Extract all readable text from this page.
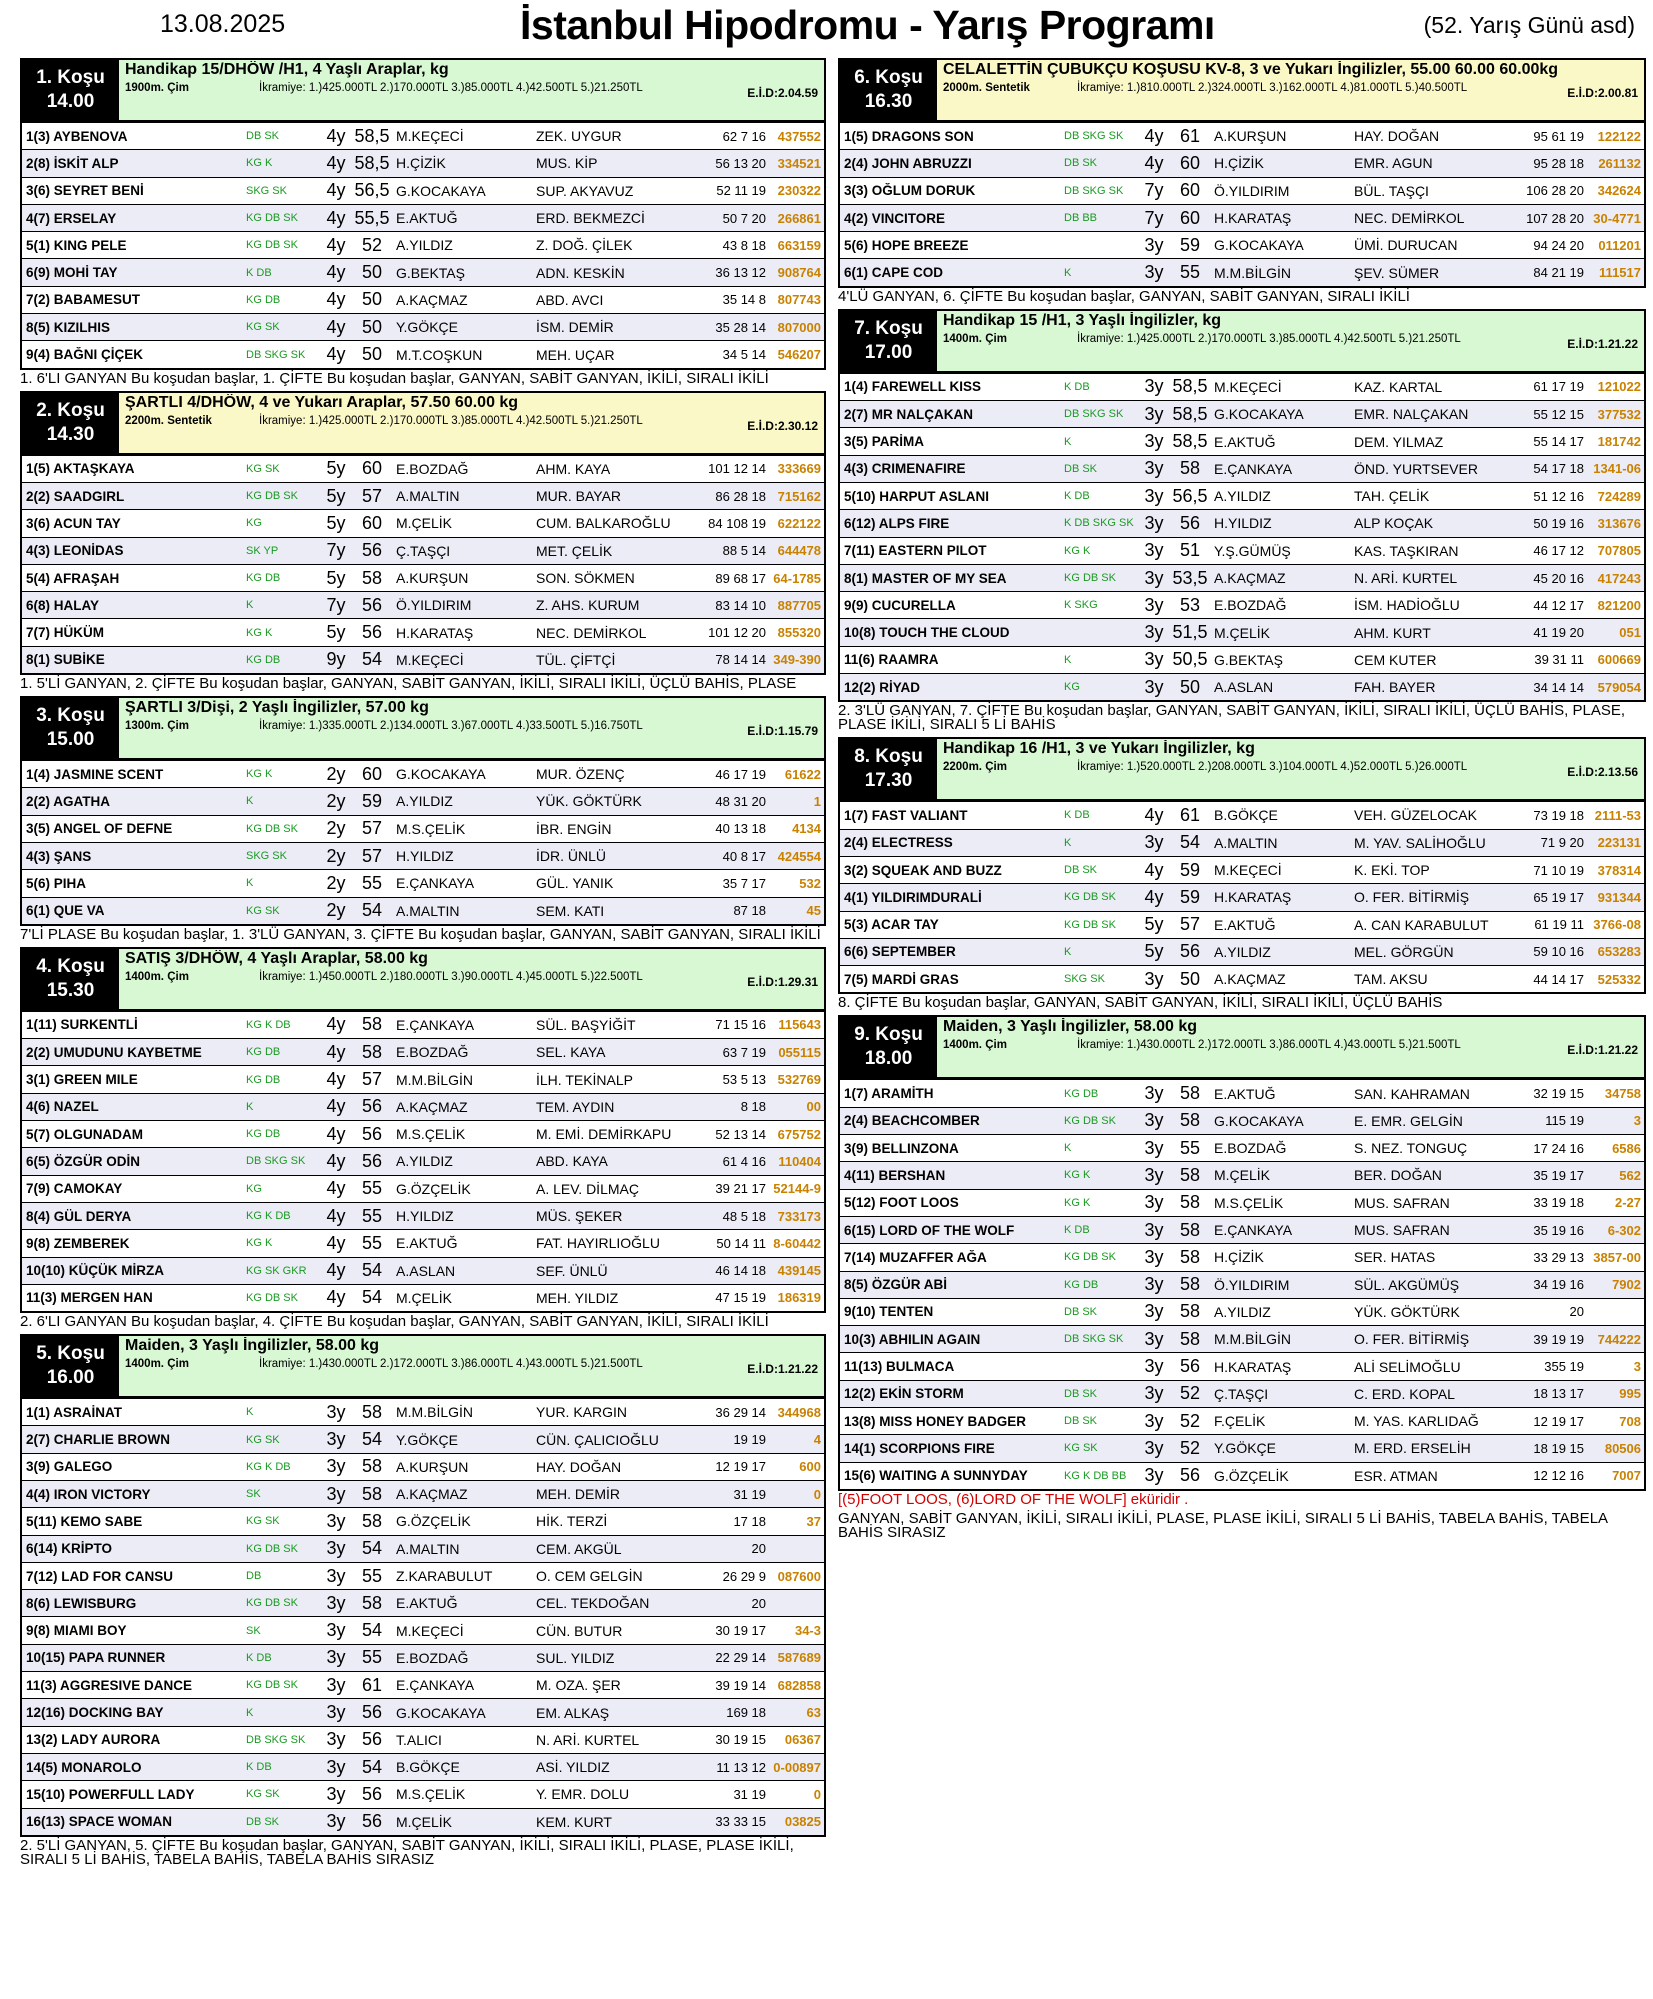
13.08.2025	İstanbul Hipodromu - Yarış Programı	(52. Yarış Günü asd)
1. Koşu
14.00
Handikap 15/DHÖW /H1, 4 Yaşlı Araplar, kg
1900m. Çim	İkramiye: 1.)425.000TL 2.)170.000TL 3.)85.000TL 4.)42.500TL 5.)21.250TL	E.İ.D:2.04.59
1(3) AYBENOVA	DB SK	4y 58,5 M.KEÇECİ	ZEK. UYGUR	62 7 16 437552
2(8) İSKİT ALP	KG K	4y 58,5 H.ÇİZİK	MUS. KİP	56 13 20 334521
3(6) SEYRET BENİ	SKG SK	4y 56,5 G.KOCAKAYA	SUP. AKYAVUZ	52 11 19 230322
4(7) ERSELAY	KG DB SK	4y 55,5 E.AKTUĞ	ERD. BEKMEZCİ	50 7 20 266861
5(1) KING PELE	KG DB SK	4y 52 A.YILDIZ	Z. DOĞ. ÇİLEK	43 8 18 663159
6(9) MOHİ TAY	K DB	4y 50 G.BEKTAŞ	ADN. KESKİN	36 13 12 908764
7(2) BABAMESUT	KG DB	4y 50 A.KAÇMAZ	ABD. AVCI	35 14 8 807743
8(5) KIZILHIS	KG SK	4y 50 Y.GÖKÇE	İSM. DEMİR	35 28 14 807000
9(4) BAĞNI ÇİÇEK	DB SKG SK	4y 50 M.T.COŞKUN	MEH. UÇAR	34 5 14 546207
1. 6'LI GANYAN Bu koşudan başlar, 1. ÇİFTE Bu koşudan başlar, GANYAN, SABİT GANYAN, İKİLİ, SIRALI İKİLİ
2. Koşu
14.30
ŞARTLI 4/DHÖW, 4 ve Yukarı Araplar, 57.50 60.00 kg
2200m. Sentetik	İkramiye: 1.)425.000TL 2.)170.000TL 3.)85.000TL 4.)42.500TL 5.)21.250TL	E.İ.D:2.30.12
1(5) AKTAŞKAYA	KG SK	5y 60 E.BOZDAĞ	AHM. KAYA	101 12 14 333669
2(2) SAADGIRL	KG DB SK	5y 57 A.MALTIN	MUR. BAYAR	86 28 18 715162
3(6) ACUN TAY	KG	5y 60 M.ÇELİK	CUM. BALKAROĞLU	84 108 19 622122
4(3) LEONİDAS	SK YP	7y 56 Ç.TAŞÇI	MET. ÇELİK	88 5 14 644478
5(4) AFRAŞAH	KG DB	5y 58 A.KURŞUN	SON. SÖKMEN	89 68 17 64-1785
6(8) HALAY	K	7y 56 Ö.YILDIRIM	Z. AHS. KURUM	83 14 10 887705
7(7) HÜKÜM	KG K	5y 56 H.KARATAŞ	NEC. DEMİRKOL	101 12 20 855320
8(1) SUBİKE	KG DB	9y 54 M.KEÇECİ	TÜL. ÇİFTÇİ	78 14 14 349-390
1. 5'Lİ GANYAN, 2. ÇİFTE Bu koşudan başlar, GANYAN, SABİT GANYAN, İKİLİ, SIRALI İKİLİ, ÜÇLÜ BAHİS, PLASE
3. Koşu
15.00
ŞARTLI 3/Dişi, 2 Yaşlı İngilizler, 57.00 kg
1300m. Çim	İkramiye: 1.)335.000TL 2.)134.000TL 3.)67.000TL 4.)33.500TL 5.)16.750TL	E.İ.D:1.15.79
1(4) JASMINE SCENT	KG K	2y 60 G.KOCAKAYA	MUR. ÖZENÇ	46 17 19	61622
2(2) AGATHA	K	2y 59 A.YILDIZ	YÜK. GÖKTÜRK	48 31 20	1
3(5) ANGEL OF DEFNE	KG DB SK	2y 57 M.S.ÇELİK	İBR. ENGİN	40 13 18	4134
4(3) ŞANS	SKG SK	2y 57 H.YILDIZ	İDR. ÜNLÜ	40 8 17 424554
5(6) PIHA	K	2y 55 E.ÇANKAYA	GÜL. YANIK	35 7 17	532
6(1) QUE VA	KG SK	2y 54 A.MALTIN	SEM. KATI	87 18	45
7'Lİ PLASE Bu koşudan başlar, 1. 3'LÜ GANYAN, 3. ÇİFTE Bu koşudan başlar, GANYAN, SABİT GANYAN, SIRALI İKİLİ
4. Koşu
15.30
SATIŞ 3/DHÖW, 4 Yaşlı Araplar, 58.00 kg
1400m. Çim	İkramiye: 1.)450.000TL 2.)180.000TL 3.)90.000TL 4.)45.000TL 5.)22.500TL	E.İ.D:1.29.31
1(11) SURKENTLİ	KG K DB	4y 58 E.ÇANKAYA	SÜL. BAŞYİĞİT	71 15 16 115643
2(2) UMUDUNU KAYBETME	KG DB	4y 58 E.BOZDAĞ	SEL. KAYA	63 7 19 055115
3(1) GREEN MILE	KG DB	4y 57 M.M.BİLGİN	İLH. TEKİNALP	53 5 13 532769
4(6) NAZEL	K	4y 56 A.KAÇMAZ	TEM. AYDIN	8 18	00
5(7) OLGUNADAM	KG DB	4y 56 M.S.ÇELİK	M. EMİ. DEMİRKAPU	52 13 14 675752
6(5) ÖZGÜR ODİN	DB SKG SK	4y 56 A.YILDIZ	ABD. KAYA	61 4 16 110404
7(9) CAMOKAY	KG	4y 55 G.ÖZÇELİK	A. LEV. DİLMAÇ	39 21 17 52144-9
8(4) GÜL DERYA	KG K DB	4y 55 H.YILDIZ	MÜS. ŞEKER	48 5 18 733173
9(8) ZEMBEREK	KG K	4y 55 E.AKTUĞ	FAT. HAYIRLIOĞLU	50 14 11 8-60442
10(10) KÜÇÜK MİRZA	KG SK GKR	4y 54 A.ASLAN	SEF. ÜNLÜ	46 14 18 439145
11(3) MERGEN HAN	KG DB SK	4y 54 M.ÇELİK	MEH. YILDIZ	47 15 19 186319
2. 6'LI GANYAN Bu koşudan başlar, 4. ÇİFTE Bu koşudan başlar, GANYAN, SABİT GANYAN, İKİLİ, SIRALI İKİLİ
5. Koşu
16.00
Maiden, 3 Yaşlı İngilizler, 58.00 kg
1400m. Çim	İkramiye: 1.)430.000TL 2.)172.000TL 3.)86.000TL 4.)43.000TL 5.)21.500TL	E.İ.D:1.21.22
1(1) ASRAİNAT	K	3y 58 M.M.BİLGİN	YUR. KARGIN	36 29 14 344968
2(7) CHARLIE BROWN	KG SK	3y 54 Y.GÖKÇE	CÜN. ÇALICIOĞLU	19 19	4
3(9) GALEGO	KG K DB	3y 58 A.KURŞUN	HAY. DOĞAN	12 19 17	600
4(4) IRON VICTORY	SK	3y 58 A.KAÇMAZ	MEH. DEMİR	31 19	0
5(11) KEMO SABE	KG SK	3y 58 G.ÖZÇELİK	HİK. TERZİ	17 18	37
6(14) KRİPTO	KG DB SK	3y 54 A.MALTIN	CEM. AKGÜL	20
7(12) LAD FOR CANSU	DB	3y 55 Z.KARABULUT	O. CEM GELGİN	26 29 9 087600
8(6) LEWISBURG	KG DB SK	3y 58 E.AKTUĞ	CEL. TEKDOĞAN	20
9(8) MIAMI BOY	SK	3y 54 M.KEÇECİ	CÜN. BUTUR	30 19 17	34-3
10(15) PAPA RUNNER	K DB	3y 55 E.BOZDAĞ	SUL. YILDIZ	22 29 14 587689
11(3) AGGRESIVE DANCE	KG DB SK	3y 61 E.ÇANKAYA	M. OZA. ŞER	39 19 14 682858
12(16) DOCKING BAY	K	3y 56 G.KOCAKAYA	EM. ALKAŞ	169 18	63
13(2) LADY AURORA	DB SKG SK	3y 56 T.ALICI	N. ARİ. KURTEL	30 19 15	06367
14(5) MONAROLO	K DB	3y 54 B.GÖKÇE	ASİ. YILDIZ	11 13 12 0-00897
15(10) POWERFULL LADY	KG SK	3y 56 M.S.ÇELİK	Y. EMR. DOLU	31 19	0
16(13) SPACE WOMAN	DB SK	3y 56 M.ÇELİK	KEM. KURT	33 33 15	03825
2. 5'Lİ GANYAN, 5. ÇİFTE Bu koşudan başlar, GANYAN, SABİT GANYAN, İKİLİ, SIRALI İKİLİ, PLASE, PLASE İKİLİ, SIRALI 5 Lİ BAHİS, TABELA BAHİS, TABELA BAHİS SIRASIZ
6. Koşu
16.30
CELALETTİN ÇUBUKÇU KOŞUSU KV-8, 3 ve Yukarı İngilizler, 55.00 60.00 60.00kg
2000m. Sentetik	İkramiye: 1.)810.000TL 2.)324.000TL 3.)162.000TL 4.)81.000TL 5.)40.500TL	E.İ.D:2.00.81
1(5) DRAGONS SON	DB SKG SK	4y 61 A.KURŞUN	HAY. DOĞAN	95 61 19	122122
2(4) JOHN ABRUZZI	DB SK	4y 60 H.ÇİZİK	EMR. AGUN	95 28 18	261132
3(3) OĞLUM DORUK	DB SKG SK	7y 60 Ö.YILDIRIM	BÜL. TAŞÇI	106 28 20	342624
4(2) VINCITORE	DB BB	7y 60 H.KARATAŞ	NEC. DEMİRKOL	107 28 20 30-4771
5(6) HOPE BREEZE	3y 59 G.KOCAKAYA	ÜMİ. DURUCAN	94 24 20	011201
6(1) CAPE COD	K	3y 55 M.M.BİLGİN	ŞEV. SÜMER	84 21 19	111517
4'LÜ GANYAN, 6. ÇİFTE Bu koşudan başlar, GANYAN, SABİT GANYAN, SIRALI İKİLİ
7. Koşu
17.00
Handikap 15 /H1, 3 Yaşlı İngilizler, kg
1400m. Çim	İkramiye: 1.)425.000TL 2.)170.000TL 3.)85.000TL 4.)42.500TL 5.)21.250TL	E.İ.D:1.21.22
1(4) FAREWELL KISS	K DB	3y 58,5 M.KEÇECİ	KAZ. KARTAL	61 17 19	121022
2(7) MR NALÇAKAN	DB SKG SK	3y 58,5 G.KOCAKAYA	EMR. NALÇAKAN	55 12 15	377532
3(5) PARİMA	K	3y 58,5 E.AKTUĞ	DEM. YILMAZ	55 14 17	181742
4(3) CRIMENAFIRE	DB SK	3y 58 E.ÇANKAYA	ÖND. YURTSEVER	54 17 18 1341-06
5(10) HARPUT ASLANI	K DB	3y 56,5 A.YILDIZ	TAH. ÇELİK	51 12 16	724289
6(12) ALPS FIRE	K DB SKG SK 3y 56 H.YILDIZ	ALP KOÇAK	50 19 16	313676
7(11) EASTERN PILOT	KG K	3y 51 Y.Ş.GÜMÜŞ	KAS. TAŞKIRAN	46 17 12	707805
8(1) MASTER OF MY SEA	KG DB SK	3y 53,5 A.KAÇMAZ	N. ARİ. KURTEL	45 20 16	417243
9(9) CUCURELLA	K SKG	3y 53 E.BOZDAĞ	İSM. HADİOĞLU	44 12 17	821200
10(8) TOUCH THE CLOUD	3y 51,5 M.ÇELİK	AHM. KURT	41 19 20	051
11(6) RAAMRA	K	3y 50,5 G.BEKTAŞ	CEM KUTER	39 31 11	600669
12(2) RİYAD	KG	3y 50 A.ASLAN	FAH. BAYER	34 14 14	579054
2. 3'LÜ GANYAN, 7. ÇİFTE Bu koşudan başlar, GANYAN, SABİT GANYAN, İKİLİ, SIRALI İKİLİ, ÜÇLÜ BAHİS, PLASE, PLASE İKİLİ, SIRALI 5 Lİ BAHİS
8. Koşu
17.30
Handikap 16 /H1, 3 ve Yukarı İngilizler, kg
2200m. Çim	İkramiye: 1.)520.000TL 2.)208.000TL 3.)104.000TL 4.)52.000TL 5.)26.000TL	E.İ.D:2.13.56
1(7) FAST VALIANT	K DB	4y 61 B.GÖKÇE	VEH. GÜZELOCAK	73 19 18 2111-53
2(4) ELECTRESS	K	3y 54 A.MALTIN	M. YAV. SALİHOĞLU	71 9 20	223131
3(2) SQUEAK AND BUZZ	DB SK	4y 59 M.KEÇECİ	K. EKİ. TOP	71 10 19	378314
4(1) YILDIRIMDURALİ	KG DB SK	4y 59 H.KARATAŞ	O. FER. BİTİRMİŞ	65 19 17	931344
5(3) ACAR TAY	KG DB SK	5y 57 E.AKTUĞ	A. CAN KARABULUT	61 19 11 3766-08
6(6) SEPTEMBER	K	5y 56 A.YILDIZ	MEL. GÖRGÜN	59 10 16	653283
7(5) MARDİ GRAS	SKG SK	3y 50 A.KAÇMAZ	TAM. AKSU	44 14 17	525332
8. ÇİFTE Bu koşudan başlar, GANYAN, SABİT GANYAN, İKİLİ, SIRALI İKİLİ, ÜÇLÜ BAHİS
9. Koşu
18.00
Maiden, 3 Yaşlı İngilizler, 58.00 kg
1400m. Çim	İkramiye: 1.)430.000TL 2.)172.000TL 3.)86.000TL 4.)43.000TL 5.)21.500TL	E.İ.D:1.21.22
1(7) ARAMİTH	KG DB	3y 58 E.AKTUĞ	SAN. KAHRAMAN	32 19 15	34758
2(4) BEACHCOMBER	KG DB SK	3y 58 G.KOCAKAYA	E. EMR. GELGİN	115 19	3
3(9) BELLINZONA	K	3y 55 E.BOZDAĞ	S. NEZ. TONGUÇ	17 24 16	6586
4(11) BERSHAN	KG K	3y 58 M.ÇELİK	BER. DOĞAN	35 19 17	562
5(12) FOOT LOOS	KG K	3y 58 M.S.ÇELİK	MUS. SAFRAN	33 19 18	2-27
6(15) LORD OF THE WOLF	K DB	3y 58 E.ÇANKAYA	MUS. SAFRAN	35 19 16	6-302
7(14) MUZAFFER AĞA	KG DB SK	3y 58 H.ÇİZİK	SER. HATAS	33 29 13 3857-00
8(5) ÖZGÜR ABİ	KG DB	3y 58 Ö.YILDIRIM	SÜL. AKGÜMÜŞ	34 19 16	7902
9(10) TENTEN	DB SK	3y 58 A.YILDIZ	YÜK. GÖKTÜRK	20
10(3) ABHILIN AGAIN	DB SKG SK	3y 58 M.M.BİLGİN	O. FER. BİTİRMİŞ	39 19 19	744222
11(13) BULMACA	3y 56 H.KARATAŞ	ALİ SELİMOĞLU	355 19	3
12(2) EKİN STORM	DB SK	3y 52 Ç.TAŞÇI	C. ERD. KOPAL	18 13 17	995
13(8) MISS HONEY BADGER	DB SK	3y 52 F.ÇELİK	M. YAS. KARLIDAĞ	12 19 17	708
14(1) SCORPIONS FIRE	KG SK	3y 52 Y.GÖKÇE	M. ERD. ERSELİH	18 19 15	80506
15(6) WAITING A SUNNYDAY	KG K DB BB	3y 56 G.ÖZÇELİK	ESR. ATMAN	12 12 16	7007
[(5)FOOT LOOS, (6)LORD OF THE WOLF] eküridir .
GANYAN, SABİT GANYAN, İKİLİ, SIRALI İKİLİ, PLASE, PLASE İKİLİ, SIRALI 5 Lİ BAHİS, TABELA BAHİS, TABELA BAHİS SIRASIZ
